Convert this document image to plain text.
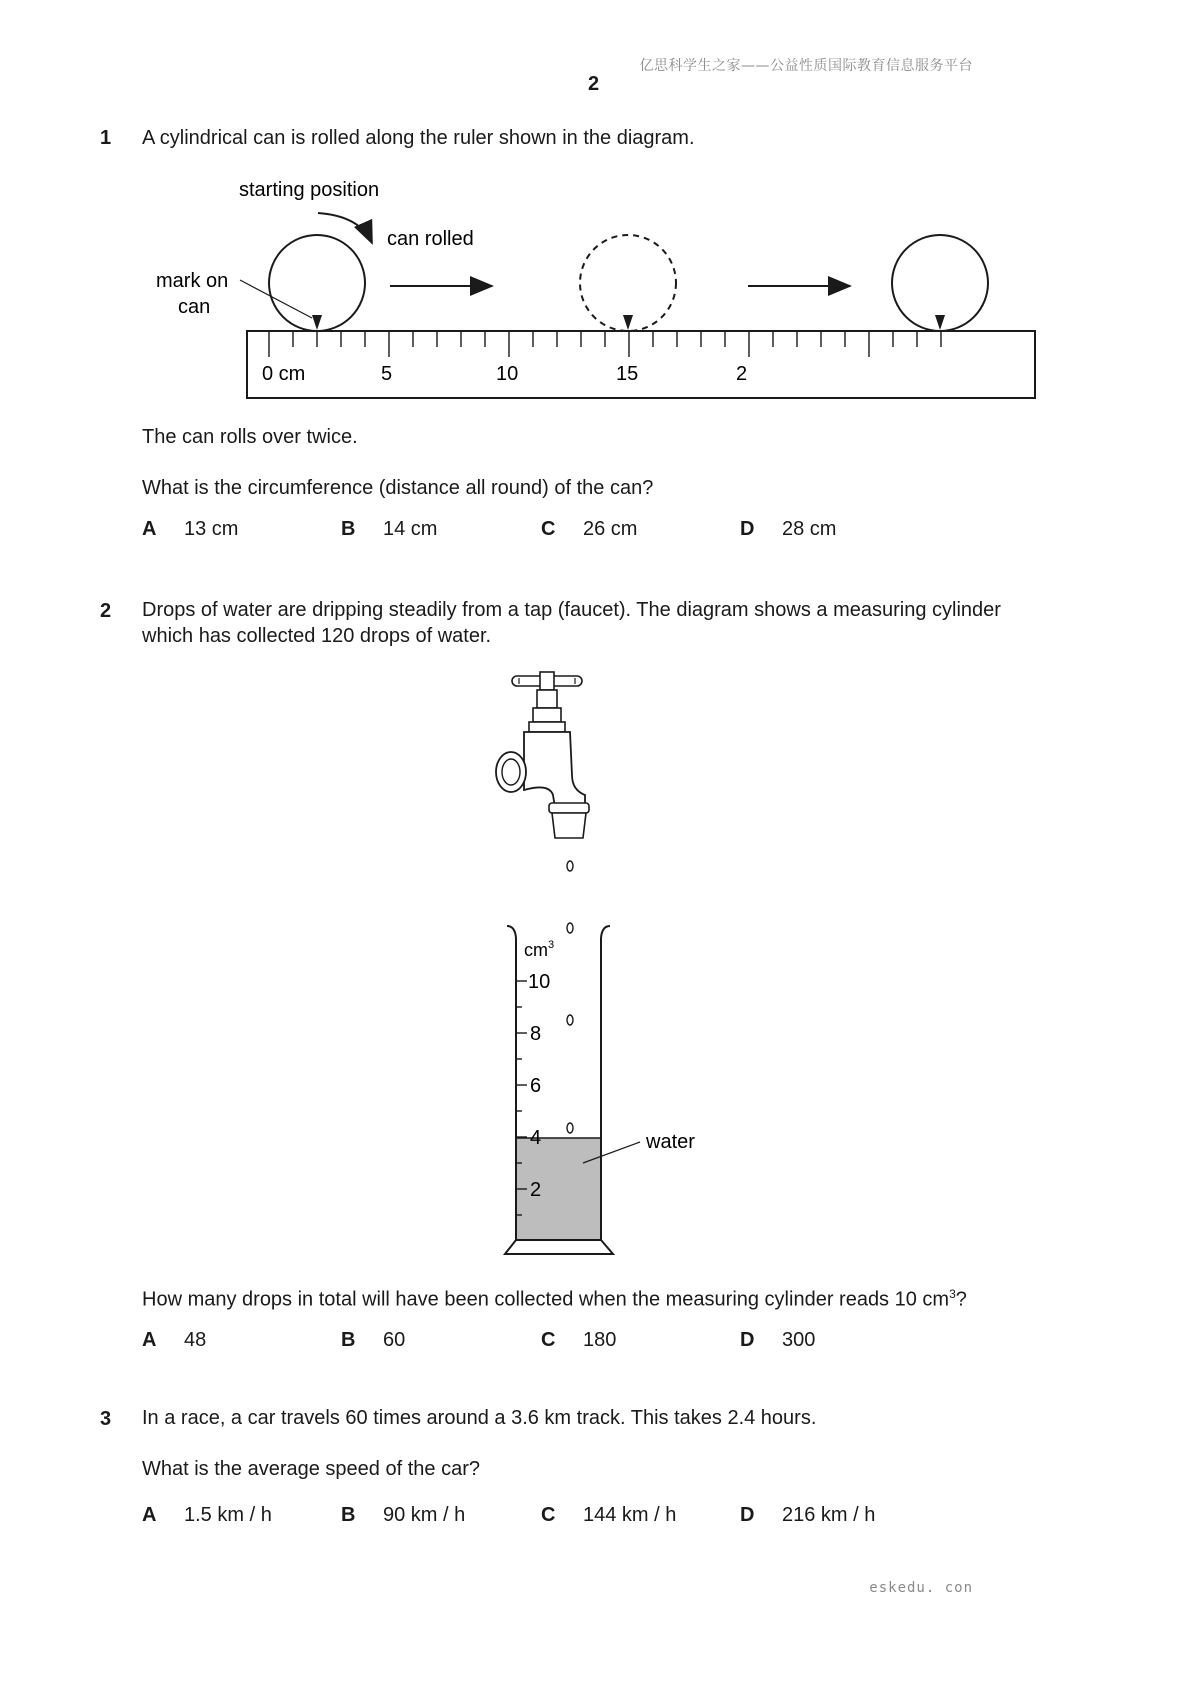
亿思科学生之家——公益性质国际教育信息服务平台
2
eskedu. con
1 A cylindrical can is rolled along the ruler shown in the diagram.
starting position
can rolled
mark on
can
0 cm	5	10	15	2
The can rolls over twice.
What is the circumference (distance all round) of the can?
A 13 cm	B 14 cm	C 26 cm	D 28 cm
2 Drops of water are dripping steadily from a tap (faucet). The diagram shows a measuring cylinder
which has collected 120 drops of water.
$cm^3$
10
8
6
4
2
water
How many drops in total will have been collected when the measuring cylinder reads 10 $cm^3$?
A 48	B 60	C 180	D 300
3 In a race, a car travels 60 times around a 3.6 km track. This takes 2.4 hours.
What is the average speed of the car?
A 1.5 km / h	B 90 km / h	C 144 km / h	D 216 km / h
